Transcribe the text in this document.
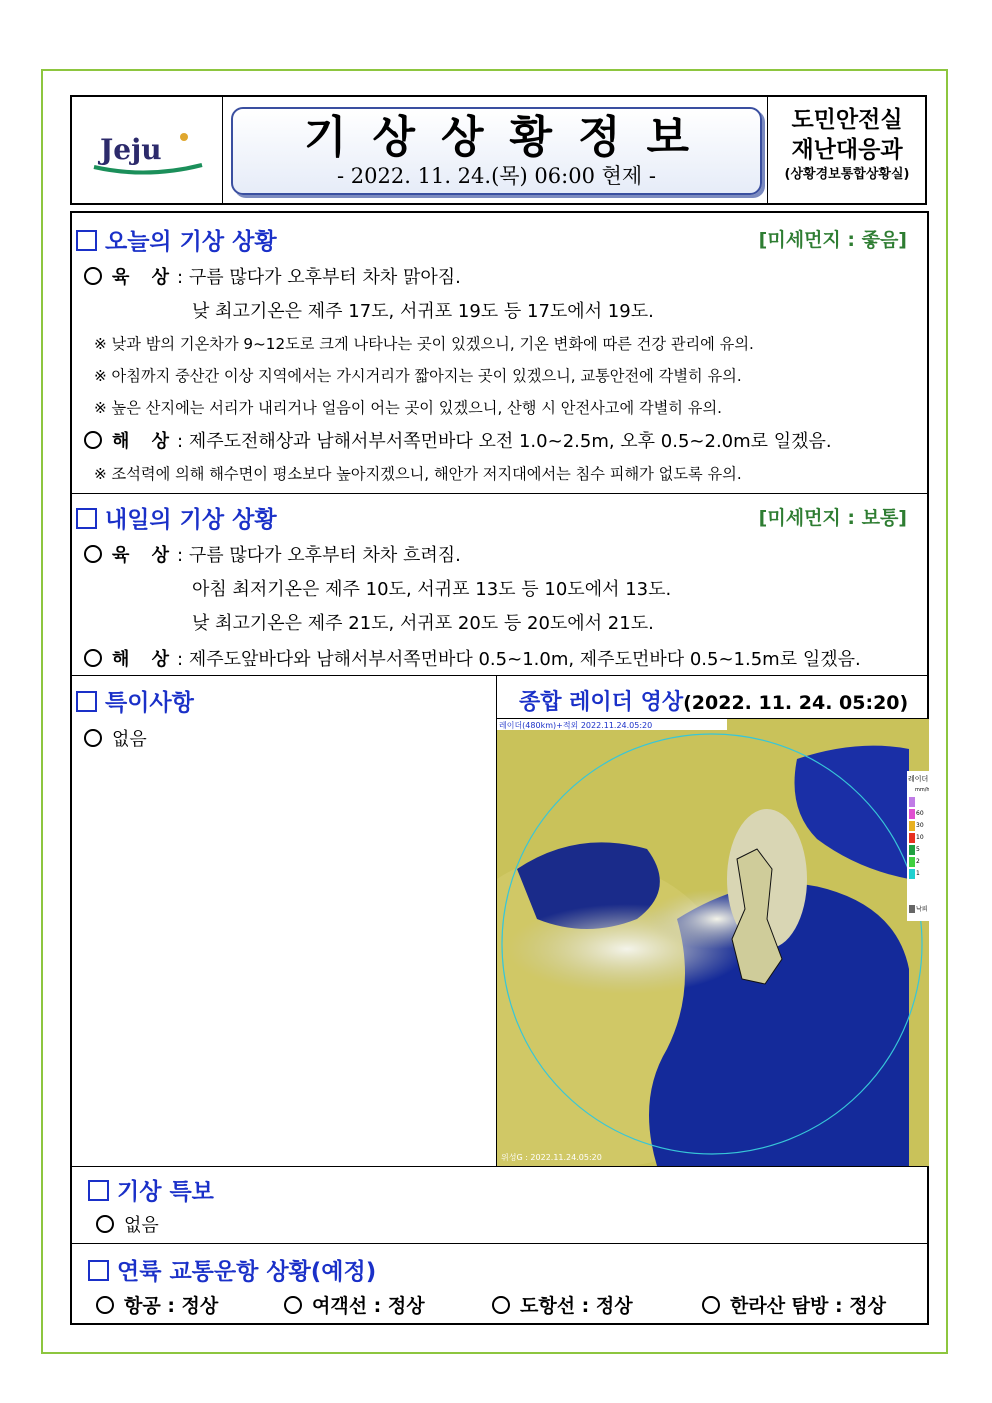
Jeju	기상상황정보
- 2022. 11. 24.(목) 06:00 현제 -
도민안전실
재난대응과
(상황경보통합상황실)
오늘의 기상 상황	[미세먼지 : 좋음]
육 상: 구름 많다가 오후부터 차차 맑아짐.
낮 최고기온은 제주 17도, 서귀포 19도 등 17도에서 19도.
※ 낮과 밤의 기온차가 9~12도로 크게 나타나는 곳이 있겠으니, 기온 변화에 따른 건강 관리에 유의.
※ 아침까지 중산간 이상 지역에서는 가시거리가 짧아지는 곳이 있겠으니, 교통안전에 각별히 유의.
※ 높은 산지에는 서리가 내리거나 얼음이 어는 곳이 있겠으니, 산행 시 안전사고에 각별히 유의.
해 상: 제주도전해상과 남해서부서쪽먼바다 오전 1.0~2.5m, 오후 0.5~2.0m로 일겠음.
※ 조석력에 의해 해수면이 평소보다 높아지겠으니, 해안가 저지대에서는 침수 피해가 없도록 유의.
내일의 기상 상황	[미세먼지 : 보통]
육 상: 구름 많다가 오후부터 차차 흐려짐.
아침 최저기온은 제주 10도, 서귀포 13도 등 10도에서 13도.
낮 최고기온은 제주 21도, 서귀포 20도 등 20도에서 21도.
해 상: 제주도앞바다와 남해서부서쪽먼바다 0.5~1.0m, 제주도먼바다 0.5~1.5m로 일겠음.
특이사항
없음
종합 레이더 영상(2022. 11. 24. 05:20)
레이더
mm/h
60
30
10
5
2
1
낙뢰
레이더(480km)+적외 2022.11.24.05:20
위성G : 2022.11.24.05:20
기상 특보
없음
연륙 교통운항 상황(예정)
항공 : 정상	여객선 : 정상	도항선 : 정상	한라산 탐방 : 정상
